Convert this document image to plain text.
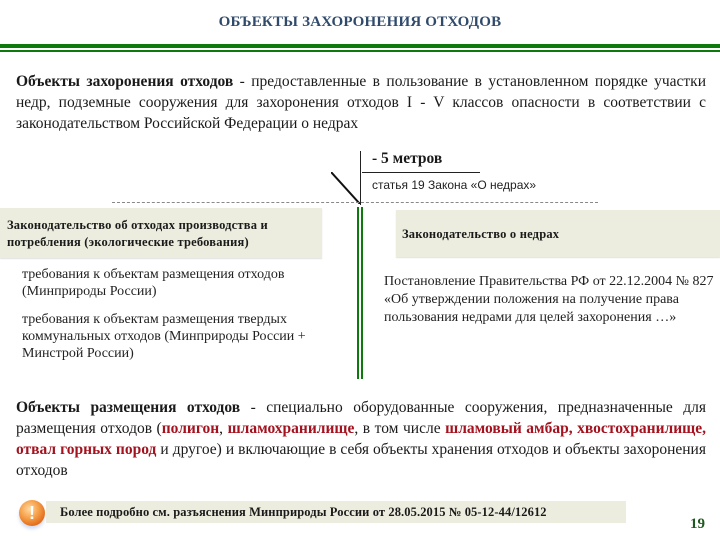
ОБЪЕКТЫ ЗАХОРОНЕНИЯ ОТХОДОВ
Объекты захоронения отходов - предоставленные в пользование в установленном порядке участки недр, подземные сооружения для захоронения отходов I - V классов опасности в соответствии с законодательством Российской Федерации о недрах
- 5 метров
статья 19 Закона «О недрах»
Законодательство об отходах производства и потребления (экологические требования)
Законодательство о недрах
требования к объектам размещения отходов (Минприроды России)
требования к объектам размещения твердых коммунальных отходов (Минприроды России + Минстрой России)
Постановление Правительства РФ от 22.12.2004 № 827 «Об утверждении положения на получение права пользования недрами для целей захоронения …»
Объекты размещения отходов - специально оборудованные сооружения, предназначенные для размещения отходов (полигон, шламохранилище, в том числе шламовый амбар, хвостохранилище, отвал горных пород и другое) и включающие в себя объекты хранения отходов и объекты захоронения отходов
!	Более подробно см. разъяснения Минприроды России от 28.05.2015 № 05-12-44/12612
19
